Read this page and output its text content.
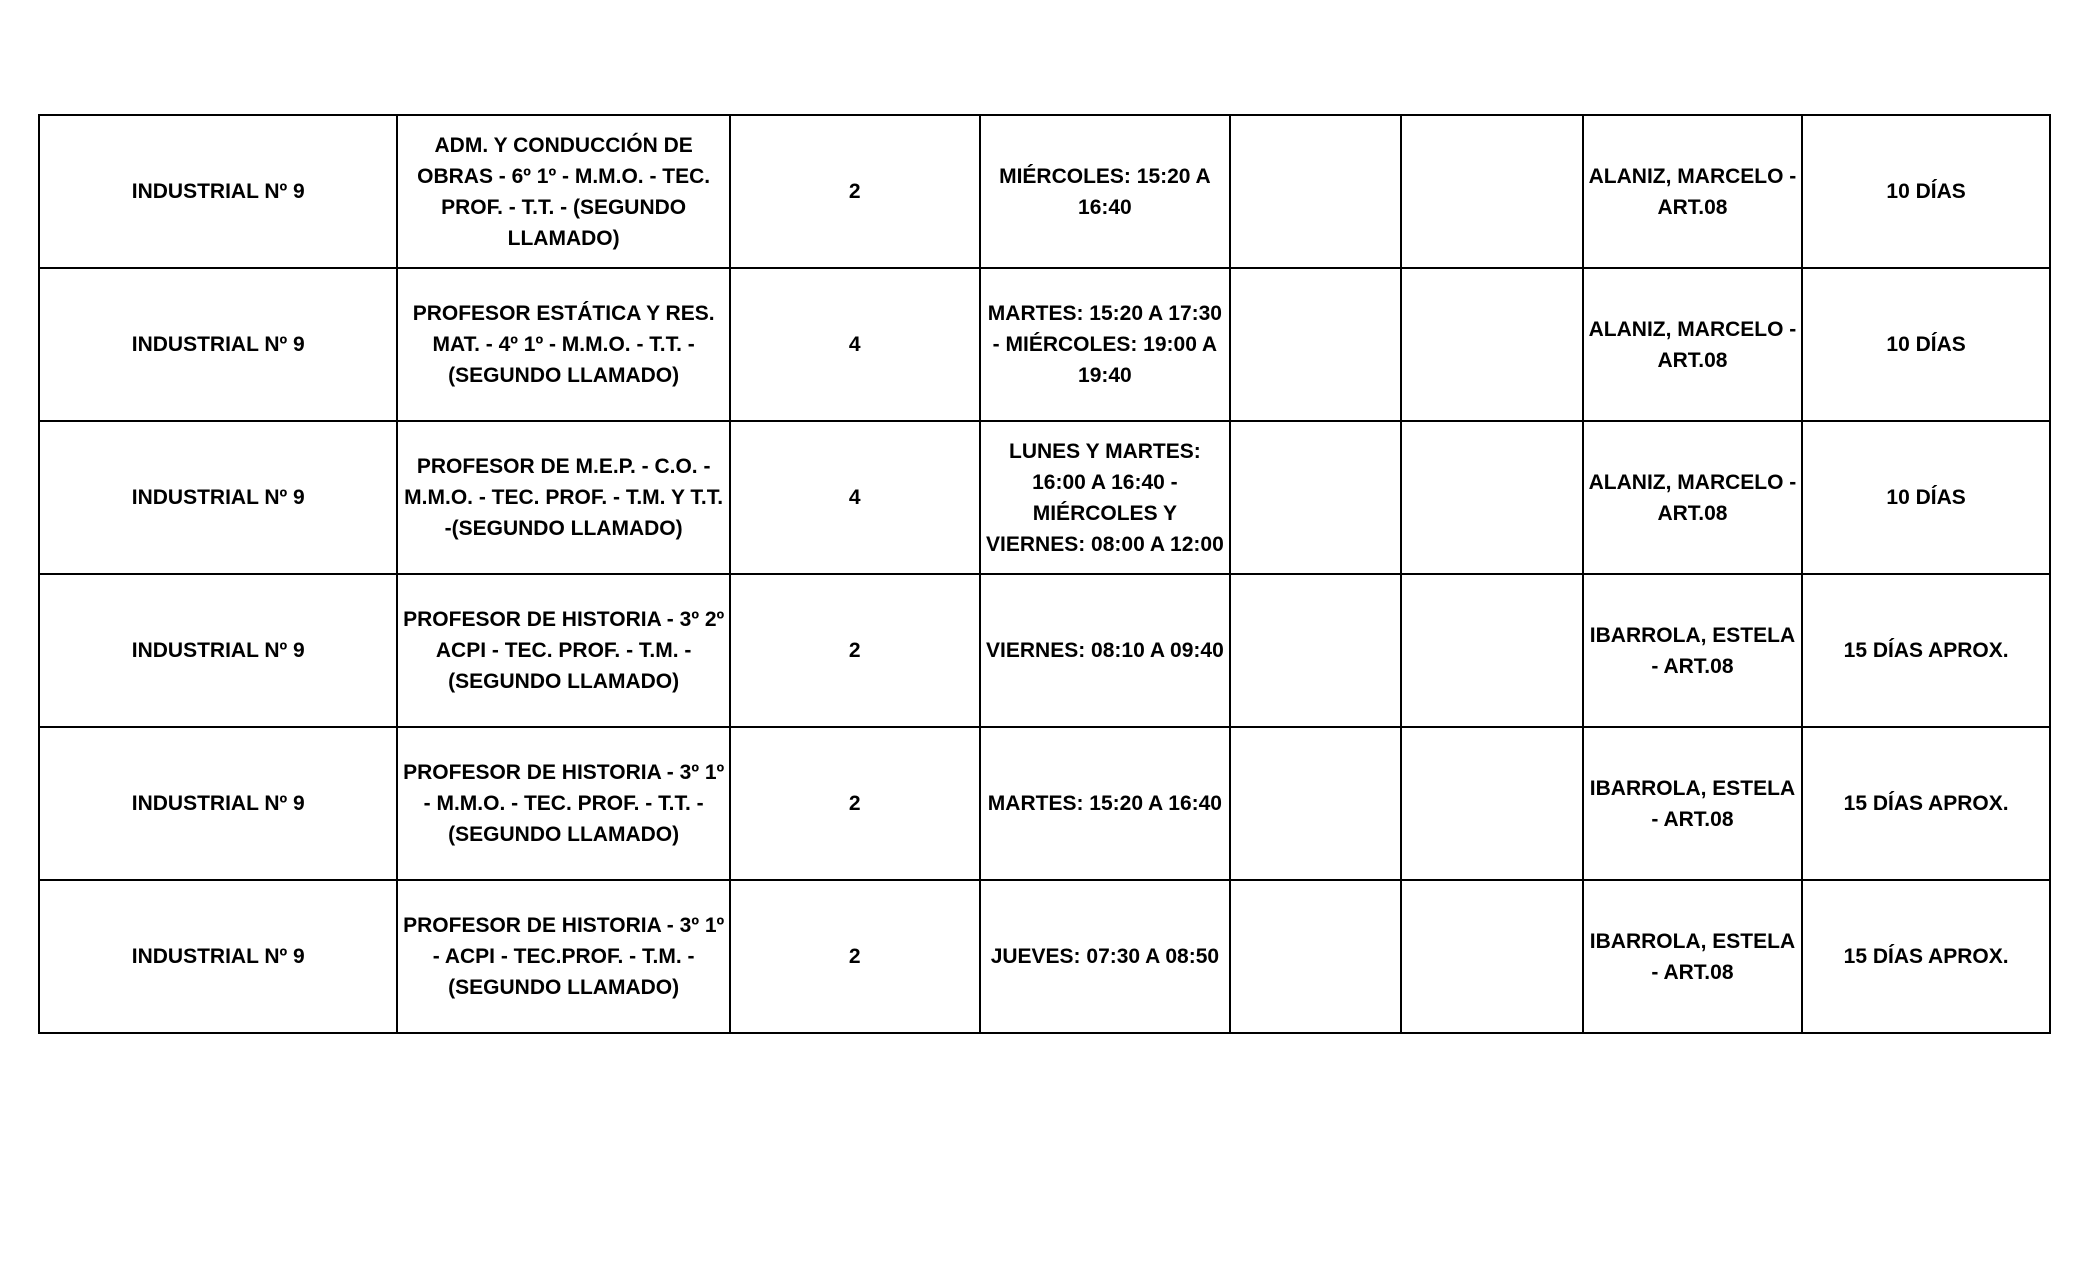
INDUSTRIAL Nº 9	ADM. Y CONDUCCIÓN DE OBRAS - 6º 1º - M.M.O. - TEC. PROF. - T.T. - (SEGUNDO LLAMADO)	2	MIÉRCOLES: 15:20 A 16:40			ALANIZ, MARCELO - ART.08	10 DÍAS
INDUSTRIAL Nº 9	PROFESOR ESTÁTICA Y RES. MAT. - 4º 1º - M.M.O. - T.T. - (SEGUNDO LLAMADO)	4	MARTES: 15:20 A 17:30 - MIÉRCOLES: 19:00 A 19:40			ALANIZ, MARCELO - ART.08	10 DÍAS
INDUSTRIAL Nº 9	PROFESOR DE M.E.P. - C.O. - M.M.O. - TEC. PROF. - T.M. Y T.T. -(SEGUNDO LLAMADO)	4	LUNES Y MARTES: 16:00 A 16:40 - MIÉRCOLES Y VIERNES: 08:00 A 12:00			ALANIZ, MARCELO - ART.08	10 DÍAS
INDUSTRIAL Nº 9	PROFESOR DE HISTORIA - 3º 2º ACPI - TEC. PROF. - T.M. - (SEGUNDO LLAMADO)	2	VIERNES: 08:10 A 09:40			IBARROLA, ESTELA - ART.08	15 DÍAS APROX.
INDUSTRIAL Nº 9	PROFESOR DE HISTORIA - 3º 1º - M.M.O. - TEC. PROF. - T.T. - (SEGUNDO LLAMADO)	2	MARTES: 15:20 A 16:40			IBARROLA, ESTELA - ART.08	15 DÍAS APROX.
INDUSTRIAL Nº 9	PROFESOR DE HISTORIA - 3º 1º - ACPI - TEC.PROF. - T.M. - (SEGUNDO LLAMADO)	2	JUEVES: 07:30 A 08:50			IBARROLA, ESTELA - ART.08	15 DÍAS APROX.
